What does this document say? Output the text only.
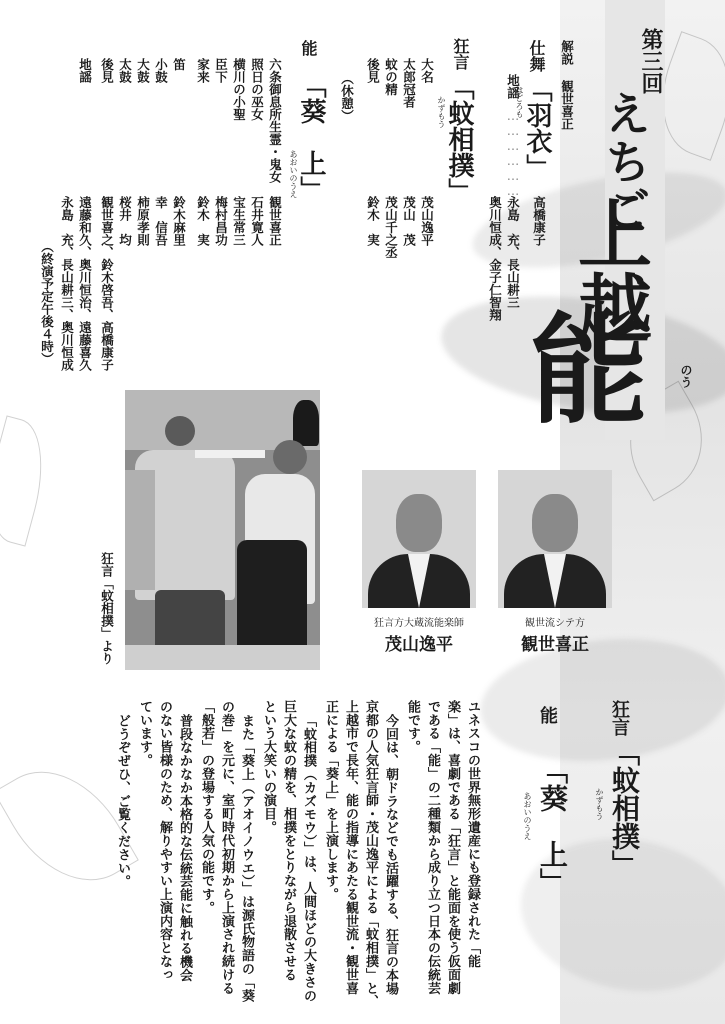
第三回
えちご
上越
能	のう
解説
観世喜正
仕舞
「羽衣」
はごろも
高橋康子
地謡
…………………
永島　充、長山耕三
奥川恒成、金子仁智翔
狂言
「蚊相撲」
かずもう
大名
茂山逸平
太郎冠者
茂山　茂
蚊の精
茂山千之丞
後見
鈴木　実
（休憩）
能
「葵　上」
あおいのうえ
六条御息所生霊・鬼女
観世喜正
照日の巫女
石井寛人
横川の小聖
宝生常三
臣下
梅村昌功
家来
鈴木　実
笛
鈴木麻里
小鼓
幸　信吾
大鼓
柿原孝則
太鼓
桜井　均
後見
観世喜之、鈴木啓吾、高橋康子
地謡
遠藤和久、奥川恒治、遠藤喜久
永島　充、長山耕三、奥川恒成
（終演予定午後４時）
狂言「蚊相撲」より	狂言方大蔵流能楽師
茂山逸平
観世流シテ方
観世喜正
狂言
「蚊相撲」
かずもう
能
「葵　上」
あおいのうえ
ユネスコの世界無形遺産にも登録された「能
楽」は、喜劇である「狂言」と能面を使う仮面劇
である「能」の二種類から成り立つ日本の伝統芸
能です。
今回は、朝ドラなどでも活躍する、狂言の本場
京都の人気狂言師・茂山逸平による「蚊相撲」と、
上越市で長年、能の指導にあたる観世流・観世喜
正による「葵上」を上演します。
「蚊相撲（カズモウ）」は、人間ほどの大きさの
巨大な蚊の精を、相撲をとりながら退散させる
という大笑いの演目。
また「葵上（アオイノウエ）」は源氏物語の「葵
の巻」を元に、室町時代初期から上演され続ける
「般若」の登場する人気の能です。
普段なかなか本格的な伝統芸能に触れる機会
のない皆様のため、解りやすい上演内容となっ
ています。
どうぞぜひ、ご覧ください。
